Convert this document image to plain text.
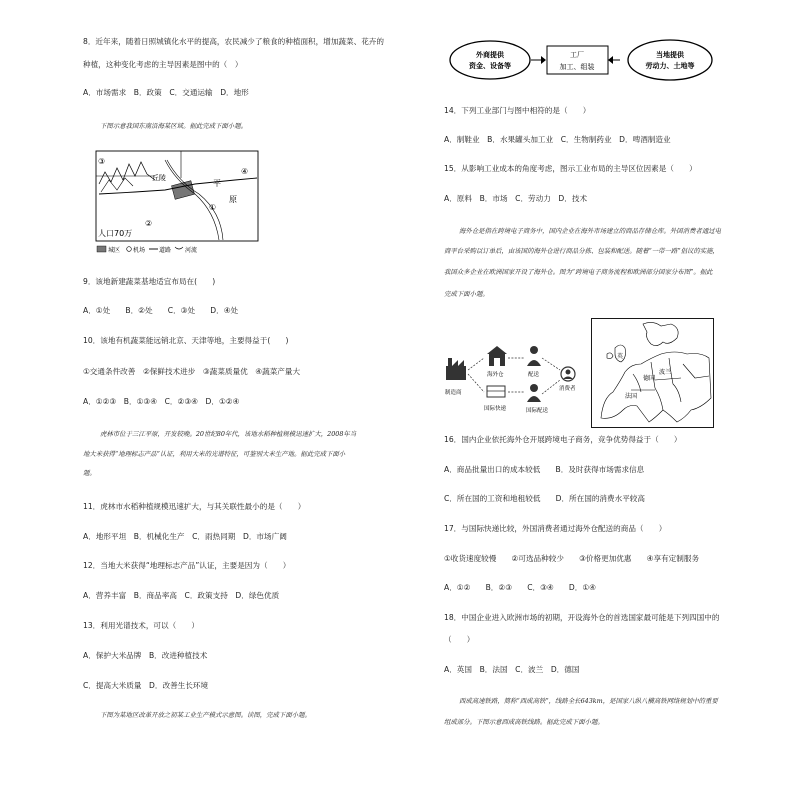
8．近年来，随着日照城镇化水平的提高，农民减少了粮食的种植面积，增加蔬菜、花卉的
种植，这种变化考虑的主导因素是图中的（　）
A．市场需求　B．政策　C．交通运输　D．地形
下图示意我国东南沿海某区域。据此完成下面小题。
③
丘陵
④
平
①
原
②
人口70万
城区 机场 道路 河流
9．该地新建蔬菜基地适宜布局在(　　)
A．①处　　B．②处　　C．③处　　D．④处
10．该地有机蔬菜能远销北京、天津等地，主要得益于(　　)
①交通条件改善　②保鲜技术进步　③蔬菜质量优　④蔬菜产量大
A．①②③　B．①③④　C．②③④　D．①②④
虎林市位于三江平原，开发较晚。20世纪80年代，该地水稻种植规模迅速扩大，2008年当
地大米获得“地理标志产品”认证，利用大米的光谱特征，可鉴别大米生产地。据此完成下面小
题。
11．虎林市水稻种植规模迅速扩大，与其关联性最小的是（　　）
A．地形平坦　B．机械化生产　C．雨热同期　D．市场广阔
12．当地大米获得“地理标志产品”认证，主要是因为（　　）
A．营养丰富　B．商品率高　C．政策支持　D．绿色优质
13．利用光谱技术，可以（　　）
A．保护大米品牌　B．改进种植技术
C．提高大米质量　D．改善生长环境
下图为某地区改革开放之初某工业生产模式示意图。读图，完成下面小题。
外商提供
资金、设备等
工厂
加工、组装
当地提供
劳动力、土地等
14．下列工业部门与图中相符的是（　　）
A．制鞋业　B．水果罐头加工业　C．生物制药业　D．啤酒制造业
15．从影响工业成本的角度考虑，图示工业布局的主导区位因素是（　　）
A．原料　B．市场　C．劳动力　D．技术
海外仓是指在跨境电子商务中，国内企业在海外市场建立的商品存储仓库。外国消费者通过电
商平台采购以订单后，由该国的海外仓进行商品分拣、包装和配送。随着“一带一路”倡议的实施，
我国众多企业在欧洲国家开设了海外仓。图为“跨境电子商务流程和欧洲部分国家分布图”。据此
完成下面小题。
制造商
海外仓	配送
国际快递	国际配送
消费者
英
德国
波兰
法国
16．国内企业依托海外仓开展跨境电子商务，竞争优势得益于（　　）
A．商品批量出口的成本较低　　B．及时获得市场需求信息
C．所在国的工资和地租较低　　D．所在国的消费水平较高
17．与国际快递比较，外国消费者通过海外仓配送的商品（　　）
①收货速度较慢　　②可选品种较少　　③价格更加优惠　　④享有定制服务
A．①②　　B．②③　　C．③④　　D．①④
18．中国企业进入欧洲市场的初期，开设海外仓的首选国家最可能是下列四国中的
（　　）
A．英国　B．法国　C．波兰　D．德国
西成高速铁路，简称“西成高铁”，线路全长643km，是国家八纵八横高铁网络规划中的重要
组成部分。下图示意西成高铁线路。据此完成下面小题。
